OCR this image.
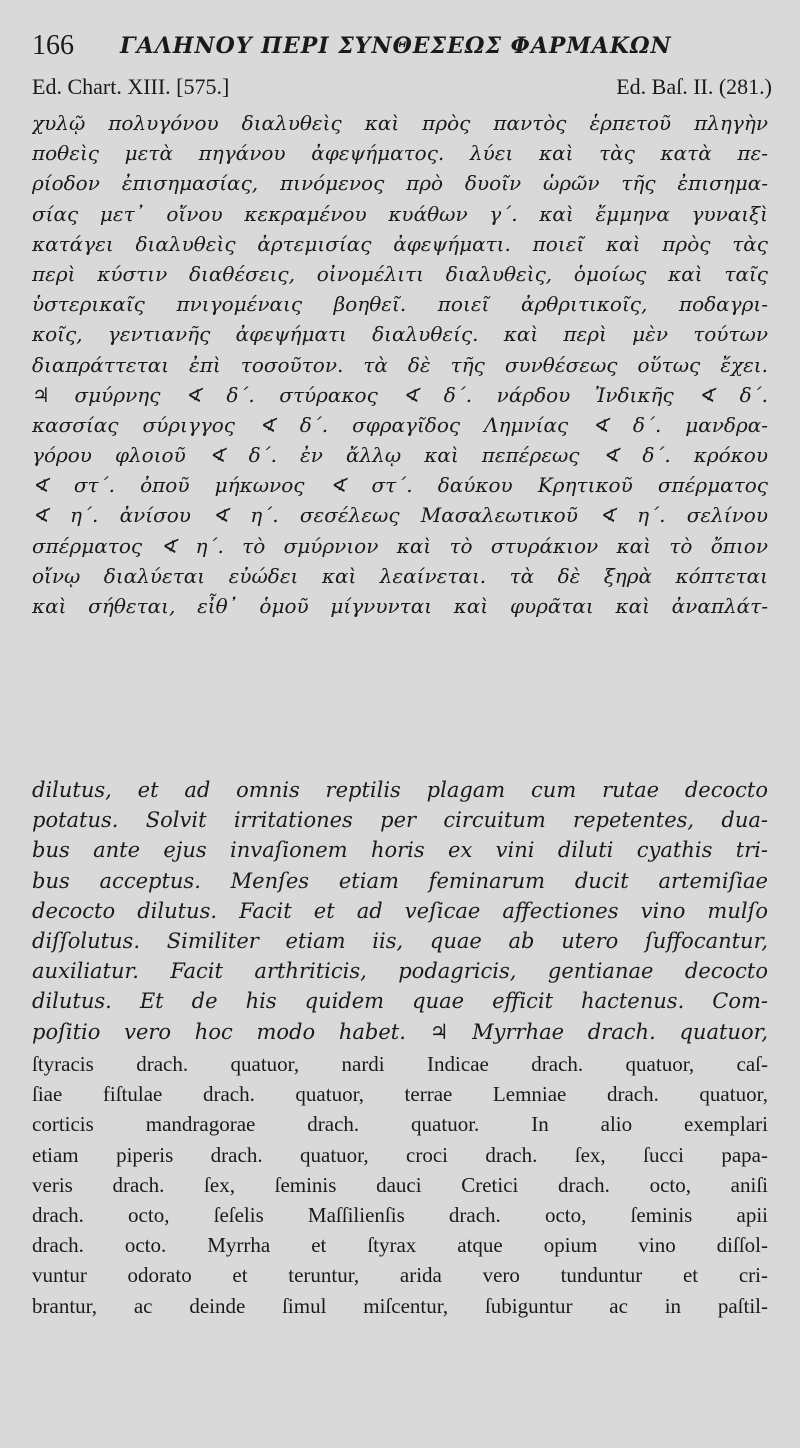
166 ΓΑΛΗΝΟΥ ΠΕΡΙ ΣΥΝΘΕΣΕΩΣ ΦΑΡΜΑΚΩΝ
Ed. Chart. XIII. [575.]	Ed. Baſ. II. (281.)
χυλῷ πολυγόνου διαλυθεὶς καὶ πρὸς παντὸς ἑρπετοῦ πληγὴν
ποθεὶς μετὰ πηγάνου ἀφεψήματος. λύει καὶ τὰς κατὰ πε-
ρίοδον ἐπισημασίας, πινόμενος πρὸ δυοῖν ὡρῶν τῆς ἐπισημα-
σίας μετ᾽ οἴνου κεκραμένου κυάθων γ΄. καὶ ἔμμηνα γυναιξὶ
κατάγει διαλυθεὶς ἀρτεμισίας ἀφεψήματι. ποιεῖ καὶ πρὸς τὰς
περὶ κύστιν διαθέσεις, οἰνομέλιτι διαλυθεὶς, ὁμοίως καὶ ταῖς
ὑστερικαῖς πνιγομέναις βοηθεῖ. ποιεῖ ἀρθριτικοῖς, ποδαγρι-
κοῖς, γεντιανῆς ἀφεψήματι διαλυθείς. καὶ περὶ μὲν τούτων
διαπράττεται ἐπὶ τοσοῦτον. τὰ δὲ τῆς συνθέσεως οὕτως ἔχει.
♃ σμύρνης ∢ δ΄. στύρακος ∢ δ΄. νάρδου Ἰνδικῆς ∢ δ΄.
κασσίας σύριγγος ∢ δ΄. σφραγῖδος Λημνίας ∢ δ΄. μανδρα-
γόρου φλοιοῦ ∢ δ΄. ἐν ἄλλῳ καὶ πεπέρεως ∢ δ΄. κρόκου
∢ στ΄. ὀποῦ μήκωνος ∢ στ΄. δαύκου Κρητικοῦ σπέρματος
∢ η΄. ἀνίσου ∢ η΄. σεσέλεως Μασαλεωτικοῦ ∢ η΄. σελίνου
σπέρματος ∢ η΄. τὸ σμύρνιον καὶ τὸ στυράκιον καὶ τὸ ὄπιον
οἴνῳ διαλύεται εὐώδει καὶ λεαίνεται. τὰ δὲ ξηρὰ κόπτεται
καὶ σήθεται, εἶθ᾽ ὁμοῦ μίγνυνται καὶ φυρᾶται καὶ ἀναπλάτ-
dilutus, et ad omnis reptilis plagam cum rutae decocto
potatus. Solvit irritationes per circuitum repetentes, dua-
bus ante ejus invaſionem horis ex vini diluti cyathis tri-
bus acceptus. Menſes etiam feminarum ducit artemiſiae
decocto dilutus. Facit et ad veſicae affectiones vino mulſo
diſſolutus. Similiter etiam iis, quae ab utero ſuffocantur,
auxiliatur. Facit arthriticis, podagricis, gentianae decocto
dilutus. Et de his quidem quae efficit hactenus. Com-
poſitio vero hoc modo habet. ♃ Myrrhae drach. quatuor,
ſtyracis drach. quatuor, nardi Indicae drach. quatuor, caſ-
ſiae fiſtulae drach. quatuor, terrae Lemniae drach. quatuor,
corticis mandragorae drach. quatuor. In alio exemplari
etiam piperis drach. quatuor, croci drach. ſex, ſucci papa-
veris drach. ſex, ſeminis dauci Cretici drach. octo, aniſi
drach. octo, ſeſelis Maſſilienſis drach. octo, ſeminis apii
drach. octo. Myrrha et ſtyrax atque opium vino diſſol-
vuntur odorato et teruntur, arida vero tunduntur et cri-
brantur, ac deinde ſimul miſcentur, ſubiguntur ac in paſtil-
